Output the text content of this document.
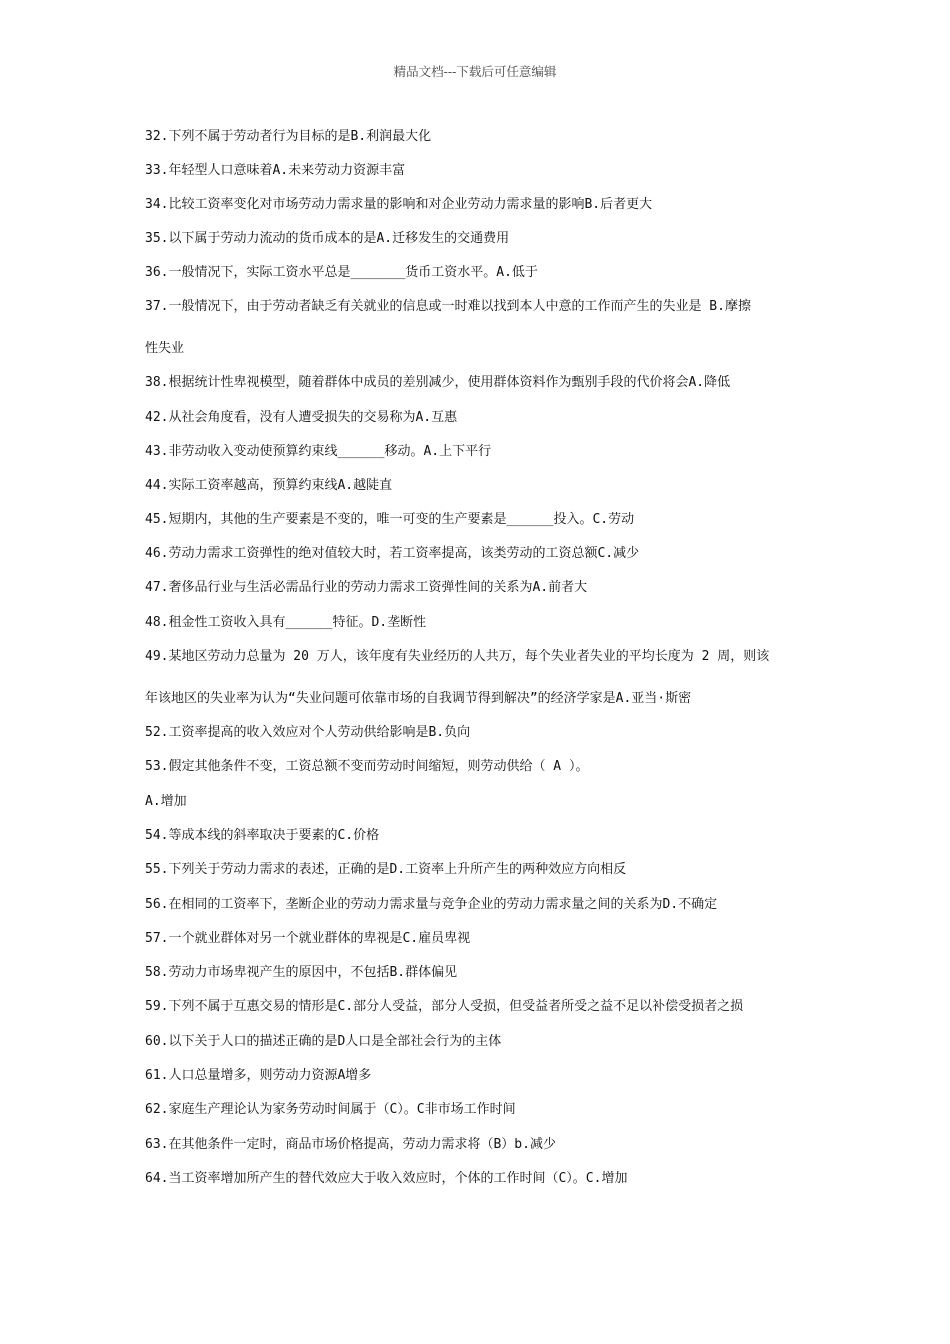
精品文档---下载后可任意编辑
32.下列不属于劳动者行为目标的是B.利润最大化
33.年轻型人口意味着A.未来劳动力资源丰富
34.比较工资率变化对市场劳动力需求量的影响和对企业劳动力需求量的影响B.后者更大
35.以下属于劳动力流动的货币成本的是A.迁移发生的交通费用
36.一般情况下，实际工资水平总是_______货币工资水平。A.低于
37.一般情况下，由于劳动者缺乏有关就业的信息或一时难以找到本人中意的工作而产生的失业是 B.摩擦
性失业
38.根据统计性卑视模型，随着群体中成员的差别减少，使用群体资料作为甄别手段的代价将会A.降低
42.从社会角度看，没有人遭受损失的交易称为A.互惠
43.非劳动收入变动使预算约束线______移动。A.上下平行
44.实际工资率越高，预算约束线A.越陡直
45.短期内，其他的生产要素是不变的，唯一可变的生产要素是______投入。C.劳动
46.劳动力需求工资弹性的绝对值较大时，若工资率提高，该类劳动的工资总额C.减少
47.奢侈品行业与生活必需品行业的劳动力需求工资弹性间的关系为A.前者大
48.租金性工资收入具有______特征。D.垄断性
49.某地区劳动力总量为 20 万人，该年度有失业经历的人共万，每个失业者失业的平均长度为 2 周，则该
年该地区的失业率为认为“失业问题可依靠市场的自我调节得到解决”的经济学家是A.亚当·斯密
52.工资率提高的收入效应对个人劳动供给影响是B.负向
53.假定其他条件不变，工资总额不变而劳动时间缩短，则劳动供给（ A ）。
A.增加
54.等成本线的斜率取决于要素的C.价格
55.下列关于劳动力需求的表述，正确的是D.工资率上升所产生的两种效应方向相反
56.在相同的工资率下，垄断企业的劳动力需求量与竞争企业的劳动力需求量之间的关系为D.不确定
57.一个就业群体对另一个就业群体的卑视是C.雇员卑视
58.劳动力市场卑视产生的原因中，不包括B.群体偏见
59.下列不属于互惠交易的情形是C.部分人受益，部分人受损，但受益者所受之益不足以补偿受损者之损
60.以下关于人口的描述正确的是D人口是全部社会行为的主体
61.人口总量增多，则劳动力资源A增多
62.家庭生产理论认为家务劳动时间属于（C）。C非市场工作时间
63.在其他条件一定时，商品市场价格提高，劳动力需求将（B）b.减少
64.当工资率增加所产生的替代效应大于收入效应时，个体的工作时间（C）。C.增加
